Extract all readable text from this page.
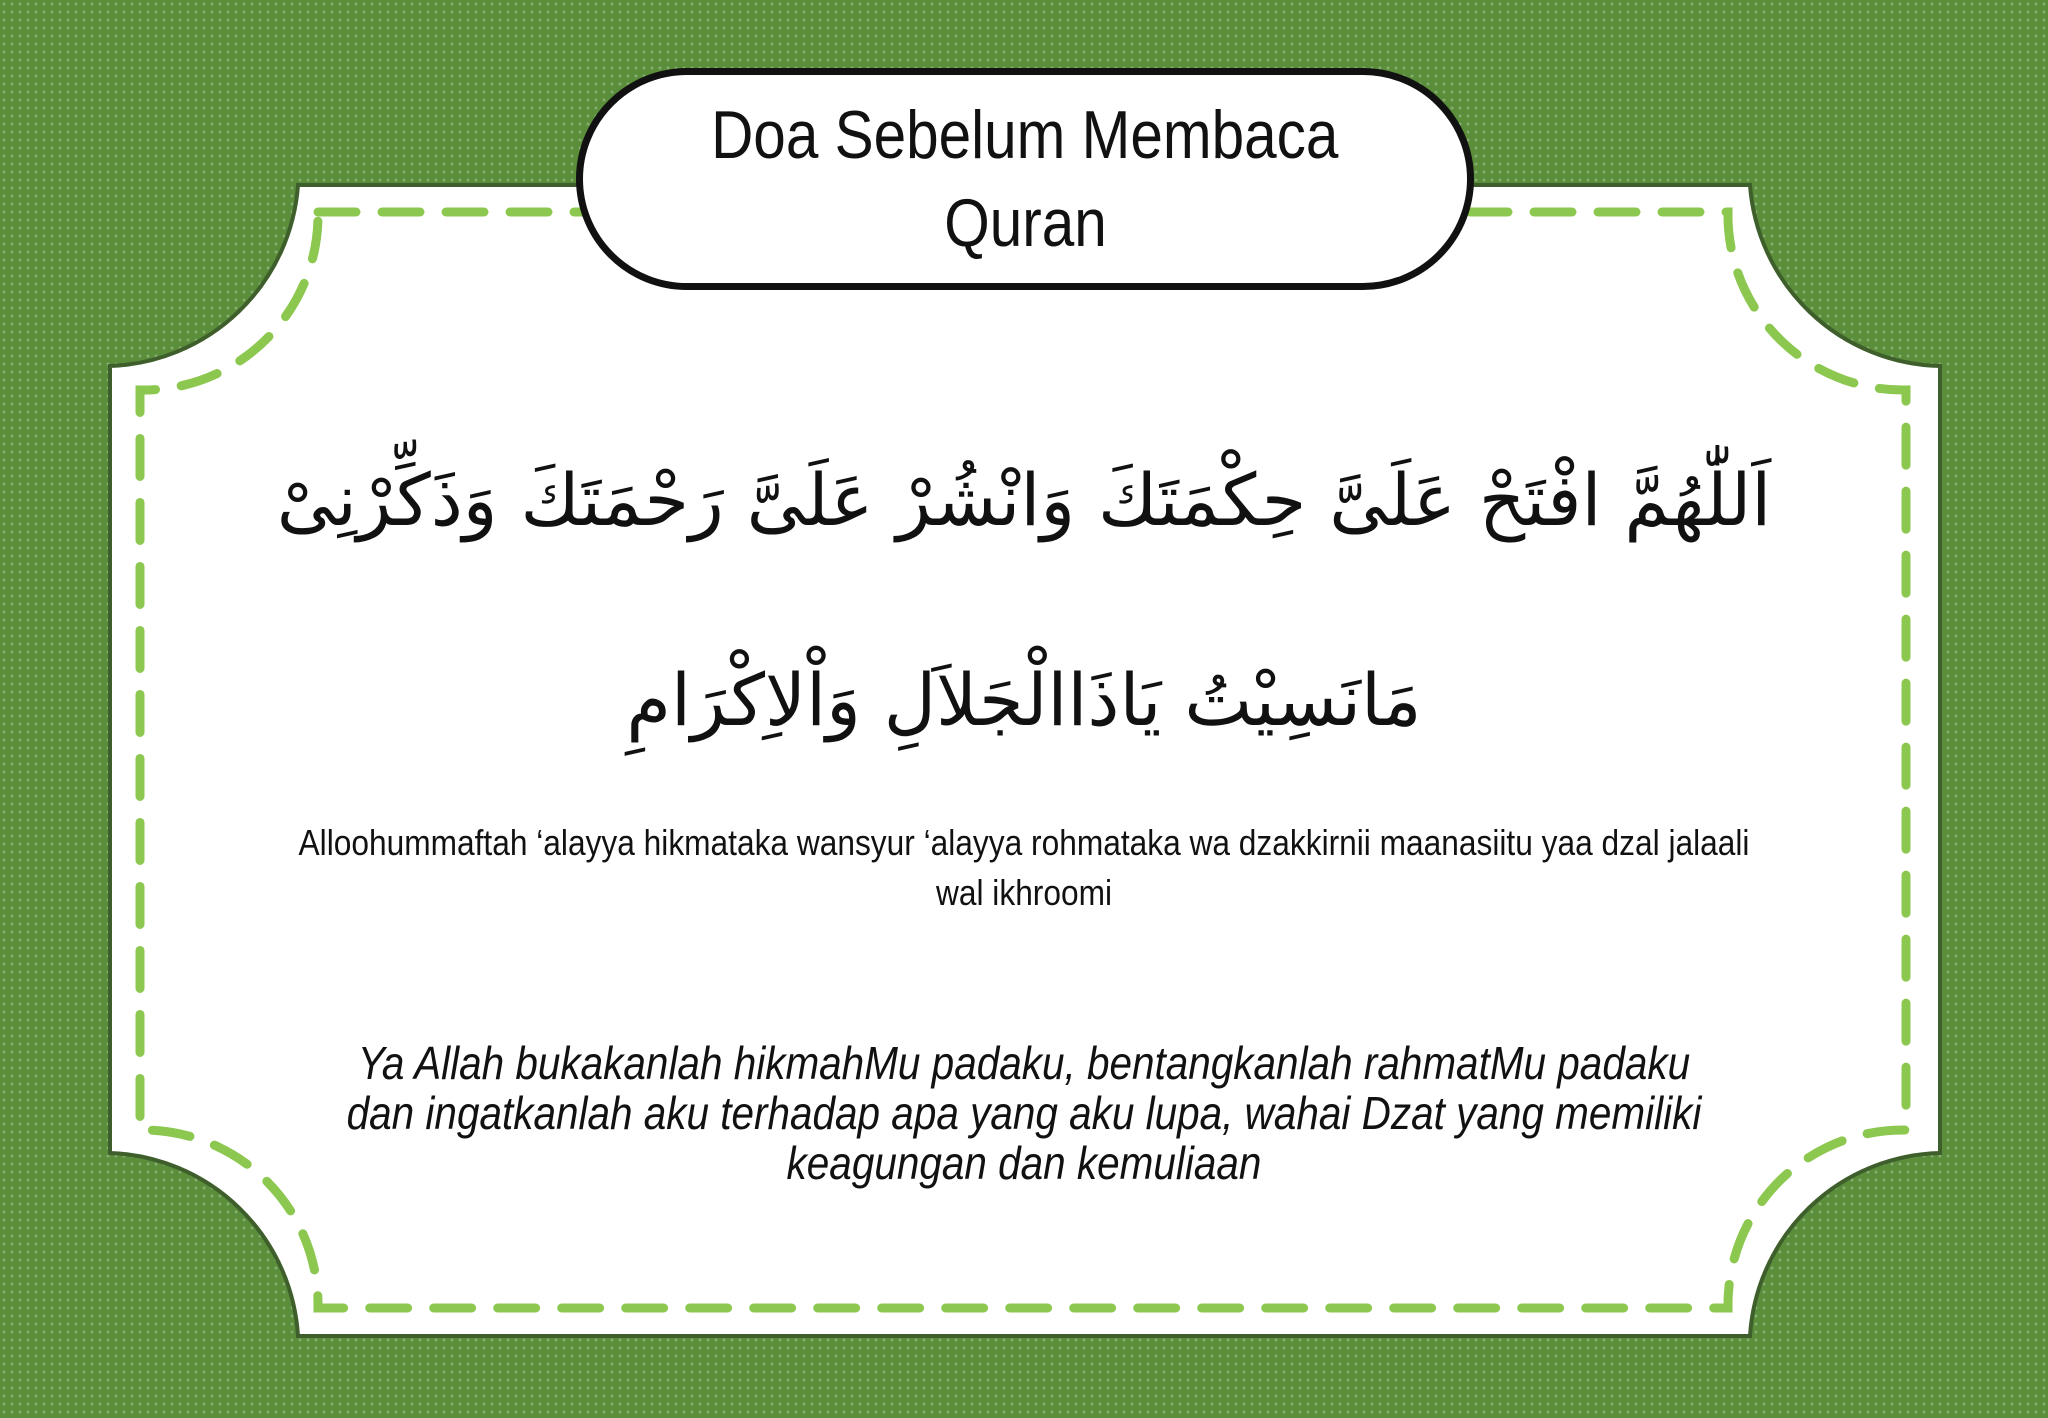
Doa Sebelum Membaca
Quran
اَللّٰهُمَّ افْتَحْ عَلَىَّ حِكْمَتَكَ وَانْشُرْ عَلَىَّ رَحْمَتَكَ وَذَكِّرْنِىْ
مَانَسِيْتُ يَاذَاالْجَلاَلِ وَاْلاِكْرَامِ
Alloohummaftah ‘alayya hikmataka wansyur ‘alayya rohmataka wa dzakkirnii maanasiitu yaa dzal jalaali
wal ikhroomi
Ya Allah bukakanlah hikmahMu padaku, bentangkanlah rahmatMu padaku
dan ingatkanlah aku terhadap apa yang aku lupa, wahai Dzat yang memiliki
keagungan dan kemuliaan
